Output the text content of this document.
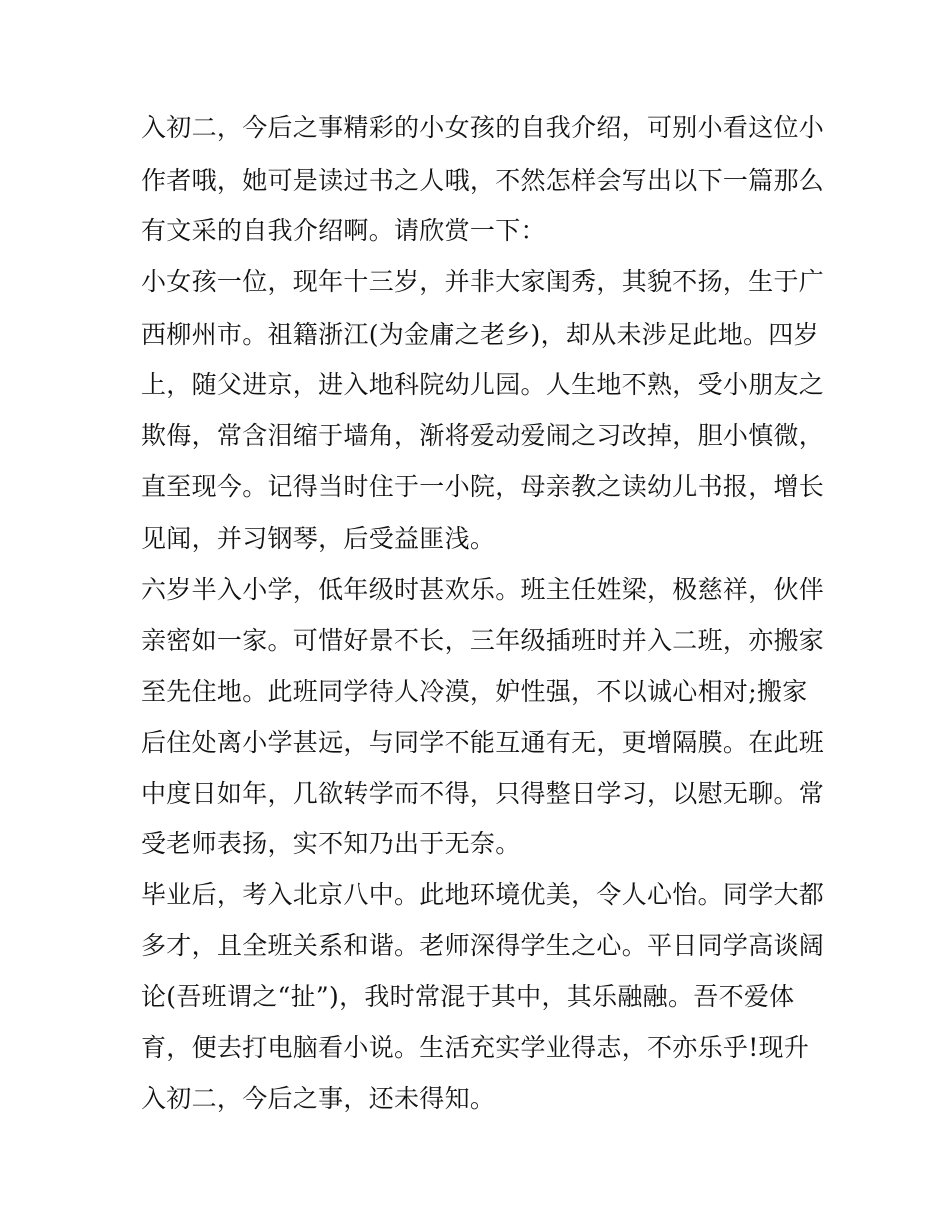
入初二，今后之事精彩的小女孩的自我介绍，可别小看这位小

作者哦，她可是读过书之人哦，不然怎样会写出以下一篇那么

有文采的自我介绍啊。请欣赏一下：

小女孩一位，现年十三岁，并非大家闺秀，其貌不扬，生于广

西柳州市。祖籍浙江(为金庸之老乡)，却从未涉足此地。四岁

上，随父进京，进入地科院幼儿园。人生地不熟，受小朋友之

欺侮，常含泪缩于墙角，渐将爱动爱闹之习改掉，胆小慎微，

直至现今。记得当时住于一小院，母亲教之读幼儿书报，增长

见闻，并习钢琴，后受益匪浅。

六岁半入小学，低年级时甚欢乐。班主任姓梁，极慈祥，伙伴

亲密如一家。可惜好景不长，三年级插班时并入二班，亦搬家

至先住地。此班同学待人冷漠，妒性强，不以诚心相对;搬家

后住处离小学甚远，与同学不能互通有无，更增隔膜。在此班

中度日如年，几欲转学而不得，只得整日学习，以慰无聊。常

受老师表扬，实不知乃出于无奈。

毕业后，考入北京八中。此地环境优美，令人心怡。同学大都

多才，且全班关系和谐。老师深得学生之心。平日同学高谈阔

论(吾班谓之“扯”)，我时常混于其中，其乐融融。吾不爱体

育，便去打电脑看小说。生活充实学业得志，不亦乐乎!现升

入初二，今后之事，还未得知。
